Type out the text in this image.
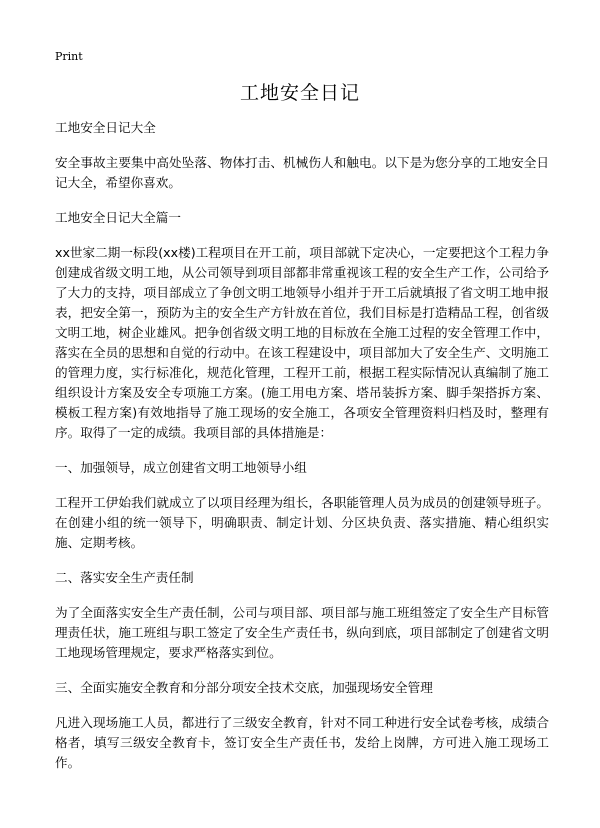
Print
工地安全日记

工地安全日记大全

安全事故主要集中高处坠落、物体打击、机械伤人和触电。以下是为您分享的工地安全日记大全，希望你喜欢。

工地安全日记大全篇一

xx世家二期一标段(xx楼)工程项目在开工前，项目部就下定决心，一定要把这个工程力争创建成省级文明工地，从公司领导到项目部都非常重视该工程的安全生产工作，公司给予了大力的支持，项目部成立了争创文明工地领导小组并于开工后就填报了省文明工地申报表，把安全第一，预防为主的安全生产方针放在首位，我们目标是打造精品工程，创省级文明工地，树企业雄风。把争创省级文明工地的目标放在全施工过程的安全管理工作中，落实在全员的思想和自觉的行动中。在该工程建设中，项目部加大了安全生产、文明施工的管理力度，实行标准化，规范化管理，工程开工前，根据工程实际情况认真编制了施工组织设计方案及安全专项施工方案。(施工用电方案、塔吊装拆方案、脚手架搭拆方案、模板工程方案)有效地指导了施工现场的安全施工，各项安全管理资料归档及时，整理有序。取得了一定的成绩。我项目部的具体措施是：

一、加强领导，成立创建省文明工地领导小组

工程开工伊始我们就成立了以项目经理为组长，各职能管理人员为成员的创建领导班子。在创建小组的统一领导下，明确职责、制定计划、分区块负责、落实措施、精心组织实施、定期考核。

二、落实安全生产责任制

为了全面落实安全生产责任制，公司与项目部、项目部与施工班组签定了安全生产目标管理责任状，施工班组与职工签定了安全生产责任书，纵向到底，项目部制定了创建省文明工地现场管理规定，要求严格落实到位。

三、全面实施安全教育和分部分项安全技术交底，加强现场安全管理

凡进入现场施工人员，都进行了三级安全教育，针对不同工种进行安全试卷考核，成绩合格者，填写三级安全教育卡，签订安全生产责任书，发给上岗牌，方可进入施工现场工作。
